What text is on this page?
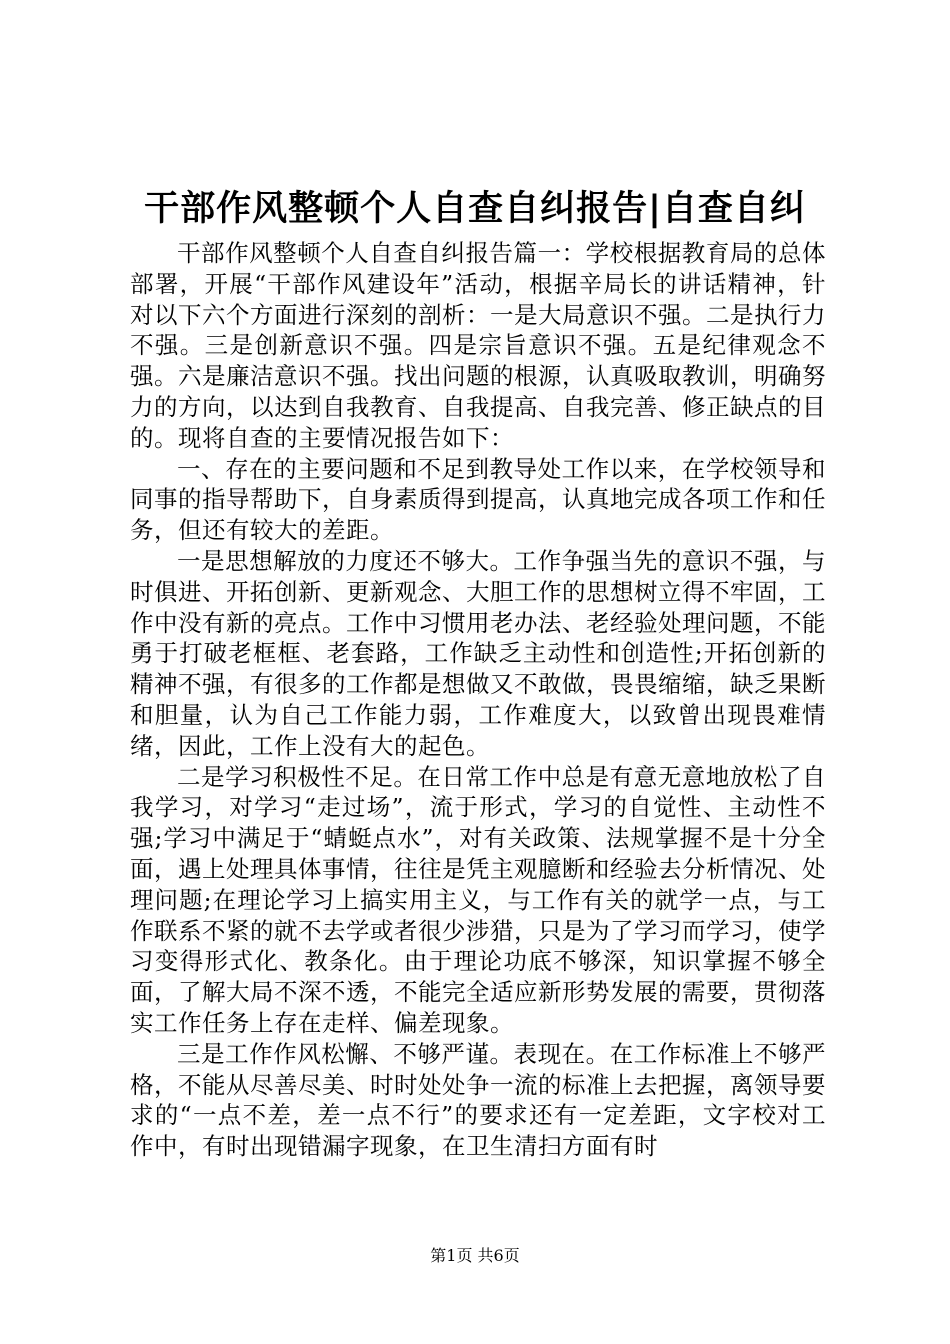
干部作风整顿个人自查自纠报告|自查自纠

干部作风整顿个人自查自纠报告篇一：学校根据教育局的总体部署，开展“干部作风建设年”活动，根据辛局长的讲话精神，针对以下六个方面进行深刻的剖析：一是大局意识不强。二是执行力不强。三是创新意识不强。四是宗旨意识不强。五是纪律观念不强。六是廉洁意识不强。找出问题的根源，认真吸取教训，明确努力的方向，以达到自我教育、自我提高、自我完善、修正缺点的目的。现将自查的主要情况报告如下：

一、存在的主要问题和不足到教导处工作以来，在学校领导和同事的指导帮助下，自身素质得到提高，认真地完成各项工作和任务，但还有较大的差距。

一是思想解放的力度还不够大。工作争强当先的意识不强，与时俱进、开拓创新、更新观念、大胆工作的思想树立得不牢固，工作中没有新的亮点。工作中习惯用老办法、老经验处理问题，不能勇于打破老框框、老套路，工作缺乏主动性和创造性;开拓创新的精神不强，有很多的工作都是想做又不敢做，畏畏缩缩，缺乏果断和胆量，认为自己工作能力弱，工作难度大，以致曾出现畏难情绪，因此，工作上没有大的起色。

二是学习积极性不足。在日常工作中总是有意无意地放松了自我学习，对学习“走过场”，流于形式，学习的自觉性、主动性不强;学习中满足于“蜻蜓点水”，对有关政策、法规掌握不是十分全面，遇上处理具体事情，往往是凭主观臆断和经验去分析情况、处理问题;在理论学习上搞实用主义，与工作有关的就学一点，与工作联系不紧的就不去学或者很少涉猎，只是为了学习而学习，使学习变得形式化、教条化。由于理论功底不够深，知识掌握不够全面，了解大局不深不透，不能完全适应新形势发展的需要，贯彻落实工作任务上存在走样、偏差现象。

三是工作作风松懈、不够严谨。表现在。在工作标准上不够严格，不能从尽善尽美、时时处处争一流的标准上去把握，离领导要求的“一点不差，差一点不行”的要求还有一定差距，文字校对工作中，有时出现错漏字现象，在卫生清扫方面有时

第1页 共6页
